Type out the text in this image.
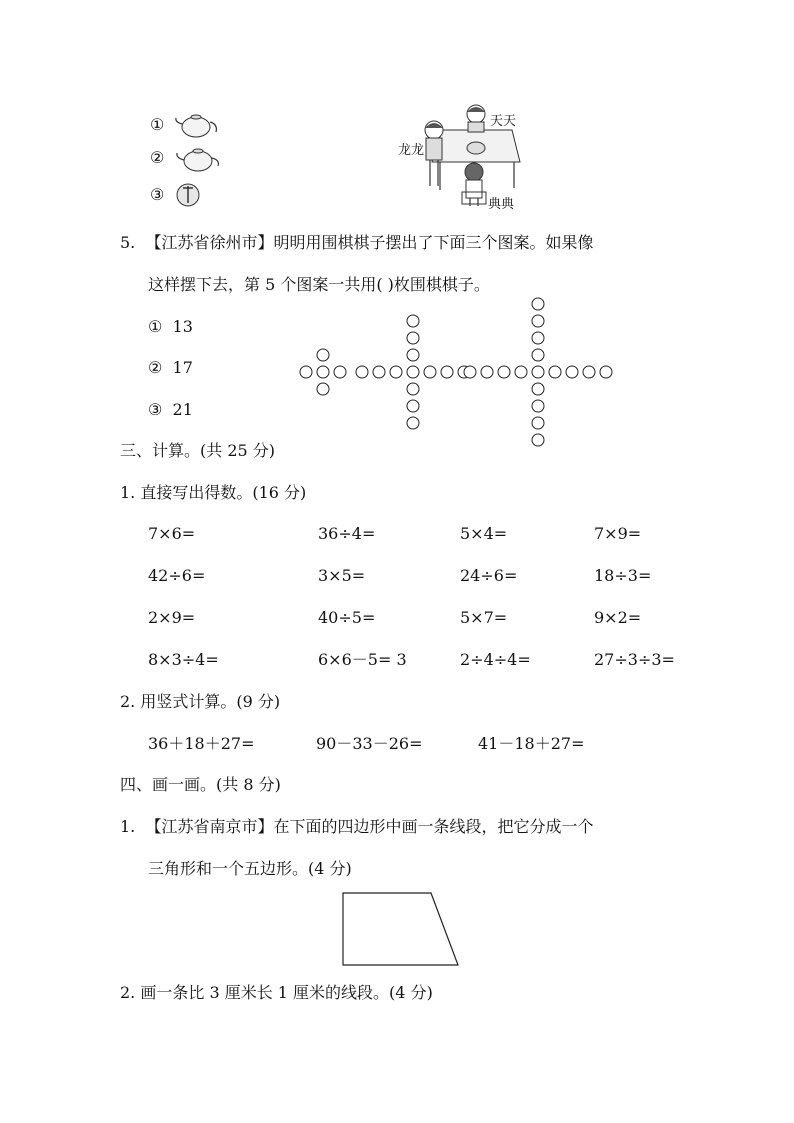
①
②
③
天天
龙龙
典典
5. 【江苏省徐州市】明明用围棋棋子摆出了下面三个图案。如果像
这样摆下去，第 5 个图案一共用( )枚围棋棋子。
① 13
② 17
③ 21
三、计算。(共 25 分)
1. 直接写出得数。(16 分)
7×6=	36÷4=	5×4=	7×9=
42÷6=	3×5=	24÷6=	18÷3=
2×9=	40÷5=	5×7=	9×2=
8×3÷4=	6×6－5= 3	2÷4÷4=	27÷3÷3=
2. 用竖式计算。(9 分)
36＋18＋27=	90－33－26=	41－18＋27=
四、画一画。(共 8 分)
1. 【江苏省南京市】在下面的四边形中画一条线段，把它分成一个
三角形和一个五边形。(4 分)
2. 画一条比 3 厘米长 1 厘米的线段。(4 分)
